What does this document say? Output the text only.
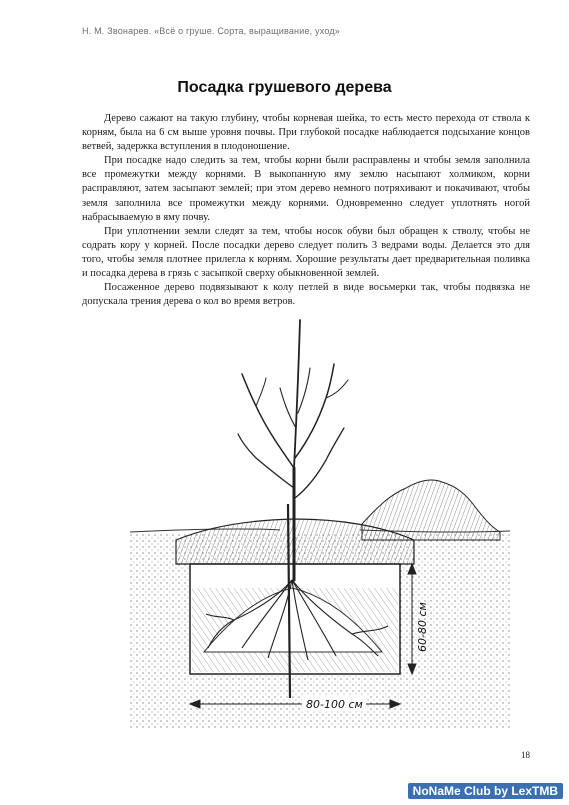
Н. М. Звонарев. «Всё о груше. Сорта, выращивание, уход»
Посадка грушевого дерева

Дерево сажают на такую глубину, чтобы корневая шейка, то есть место перехода от ствола к корням, была на 6 см выше уровня почвы. При глубокой посадке наблюдается подсыхание концов ветвей, задержка вступления в плодоношение.

При посадке надо следить за тем, чтобы корни были расправлены и чтобы земля заполнила все промежутки между корнями. В выкопанную яму землю насыпают холмиком, корни расправляют, затем засыпают землей; при этом дерево немного потряхивают и покачивают, чтобы земля заполнила все промежутки между корнями. Одновременно следует уплотнять ногой набрасываемую в яму почву.

При уплотнении земли следят за тем, чтобы носок обуви был обращен к стволу, чтобы не содрать кору у корней. После посадки дерево следует полить 3 ведрами воды. Делается это для того, чтобы земля плотнее прилегла к корням. Хорошие результаты дает предварительная поливка и посадка дерева в грязь с засыпкой сверху обыкновенной землей.

Посаженное дерево подвязывают к колу петлей в виде восьмерки так, чтобы подвязка не допускала трения дерева о кол во время ветров.

60-80 см
80-100 см
18
NoNaMe Club by LexTMB
